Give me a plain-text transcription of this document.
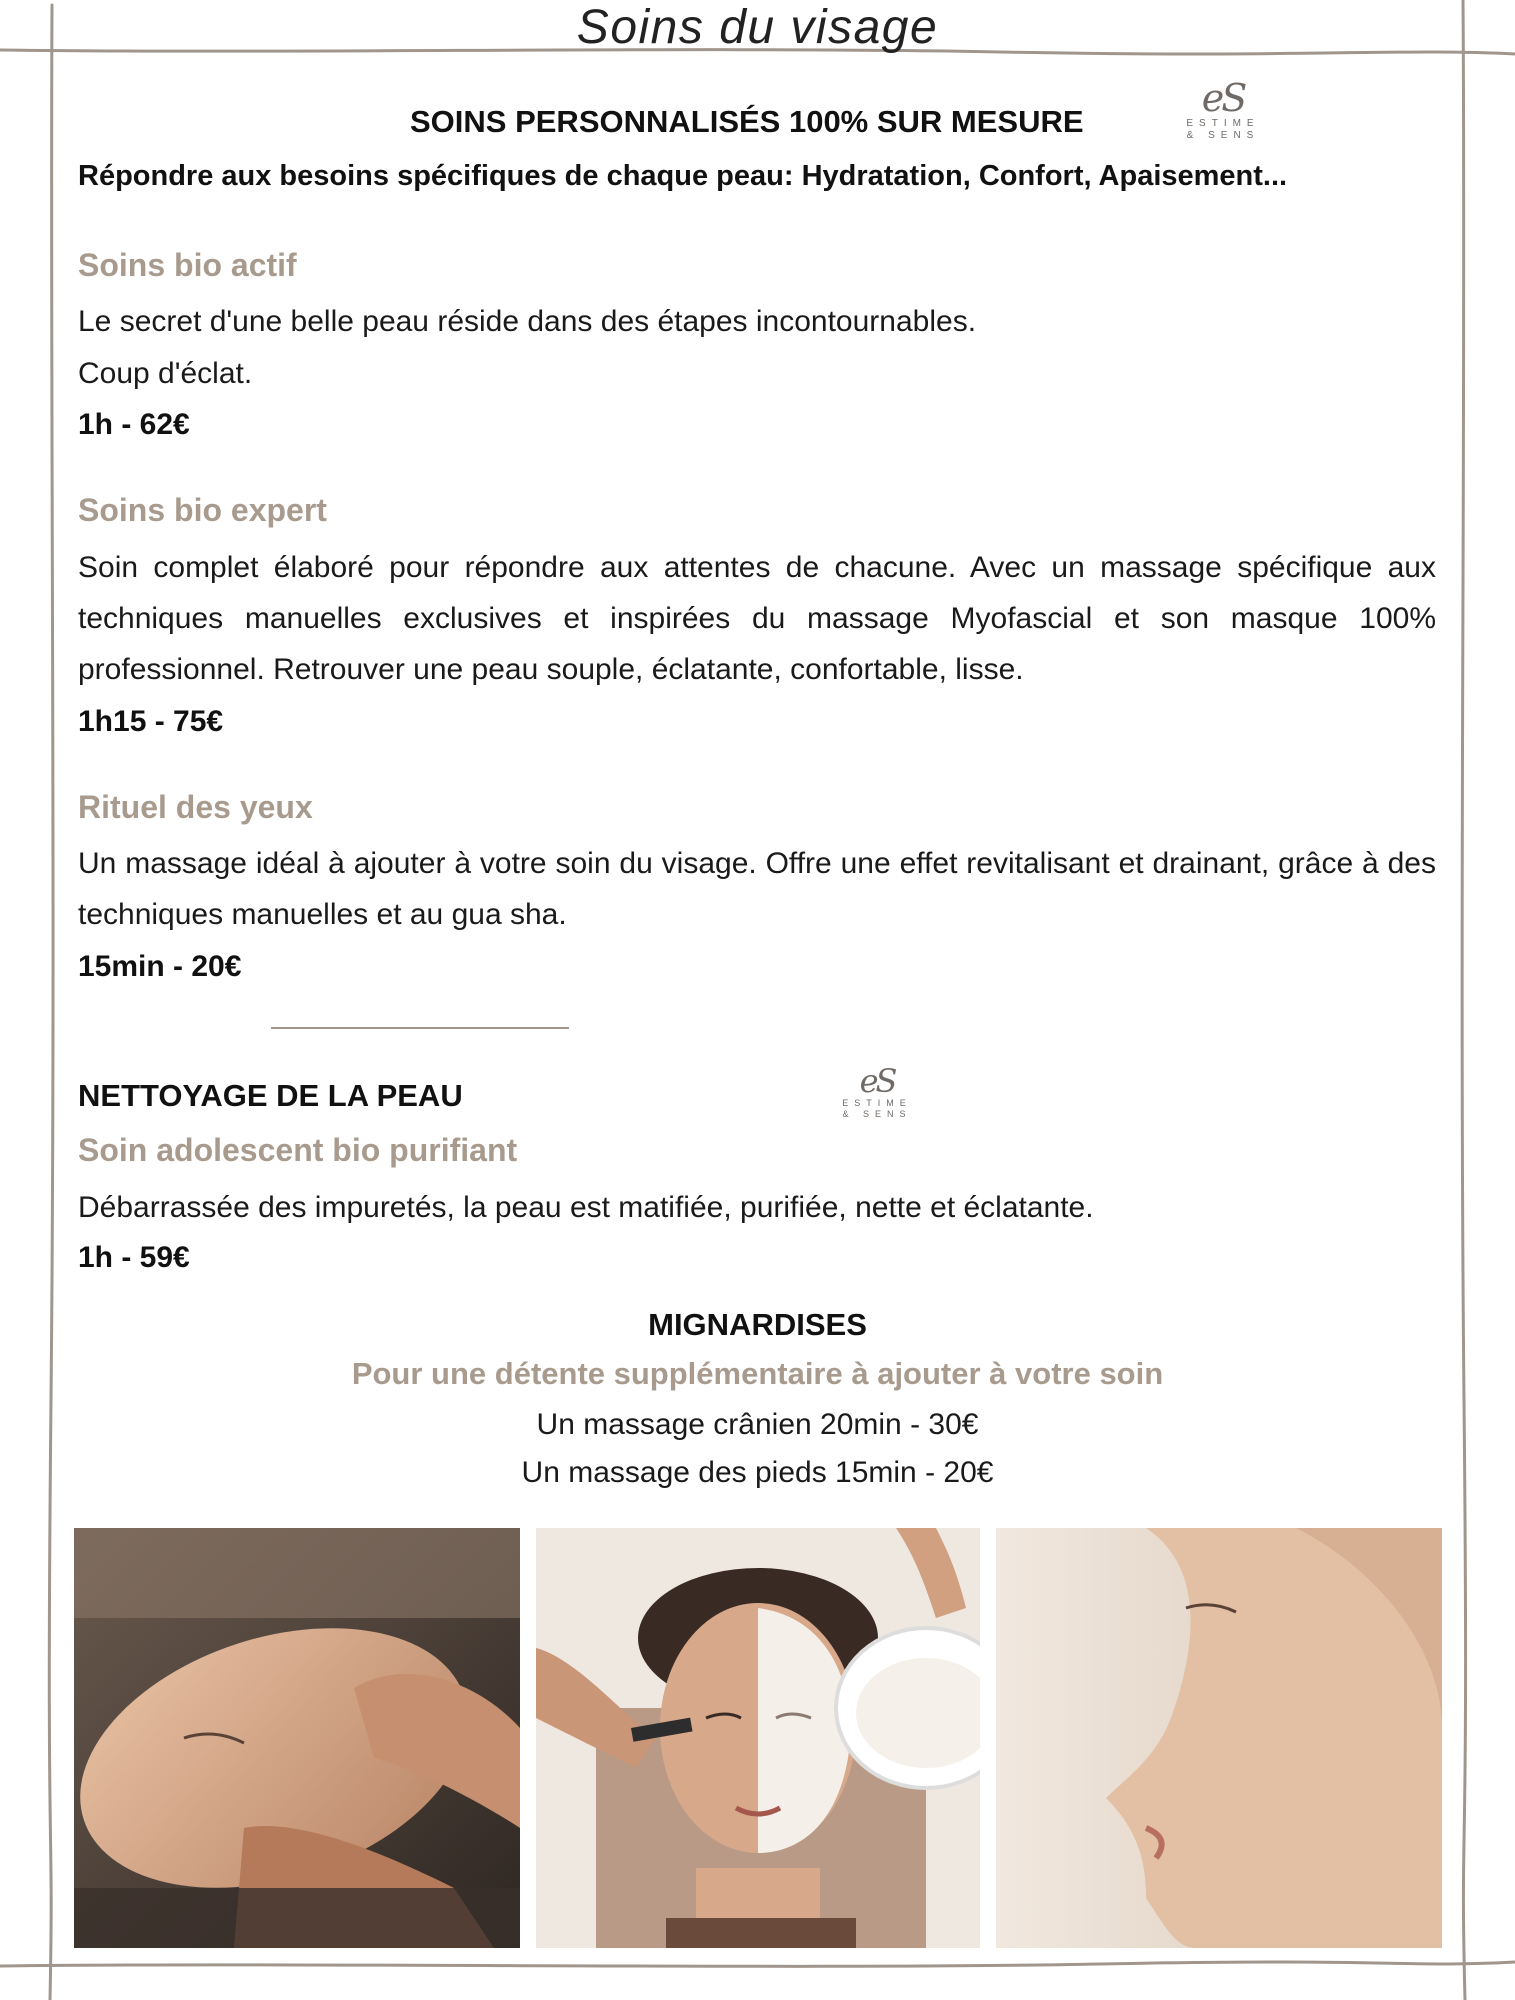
Soins du visage
eS
ESTIME
& SENS
SOINS PERSONNALISÉS 100% SUR MESURE
Répondre aux besoins spécifiques de chaque peau: Hydratation, Confort, Apaisement...
Soins bio actif
Le secret d'une belle peau réside dans des étapes incontournables.
Coup d'éclat.
1h - 62€
Soins bio expert
Soin complet élaboré pour répondre aux attentes de chacune. Avec un massage spécifique aux techniques manuelles exclusives et inspirées du massage Myofascial et son masque 100% professionnel. Retrouver une peau souple, éclatante, confortable, lisse.
1h15 - 75€
Rituel des yeux
Un massage idéal à ajouter à votre soin du visage. Offre une effet revitalisant et drainant, grâce à des techniques manuelles et au gua sha.
15min - 20€
NETTOYAGE DE LA PEAU	eS
ESTIME
& SENS
Soin adolescent bio purifiant
Débarrassée des impuretés, la peau est matifiée, purifiée, nette et éclatante.
1h - 59€
MIGNARDISES
Pour une détente supplémentaire à ajouter à votre soin
Un massage crânien 20min - 30€
Un massage des pieds 15min - 20€
